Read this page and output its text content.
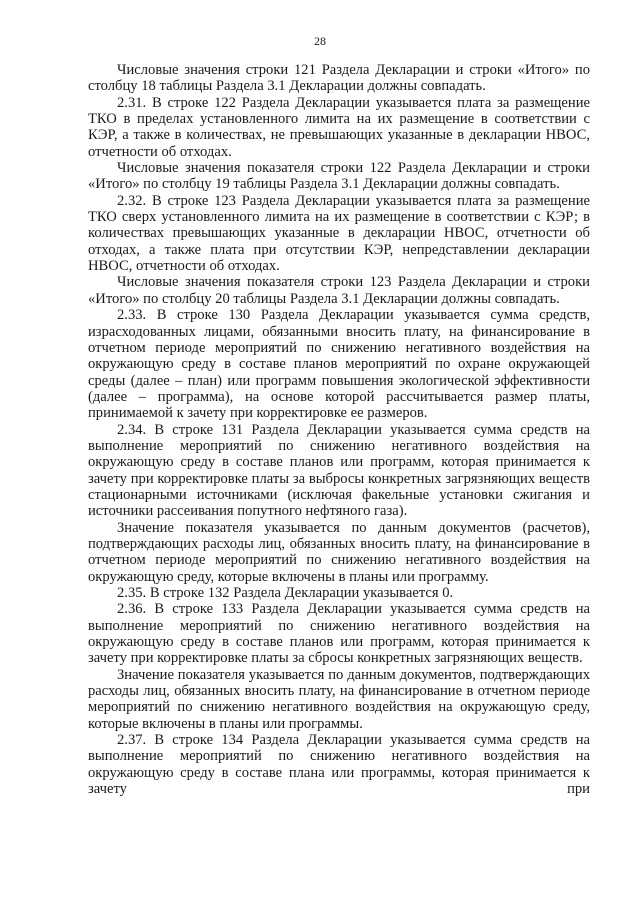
28

Числовые значения строки 121 Раздела Декларации и строки «Итого» по столбцу 18 таблицы Раздела 3.1 Декларации должны совпадать.

2.31. В строке 122 Раздела Декларации указывается плата за размещение ТКО в пределах установленного лимита на их размещение в соответствии с КЭР, а также в количествах, не превышающих указанные в декларации НВОС, отчетности об отходах.

Числовые значения показателя строки 122 Раздела Декларации и строки «Итого» по столбцу 19 таблицы Раздела 3.1 Декларации должны совпадать.

2.32. В строке 123 Раздела Декларации указывается плата за размещение ТКО сверх установленного лимита на их размещение в соответствии с КЭР; в количествах превышающих указанные в декларации НВОС, отчетности об отходах, а также плата при отсутствии КЭР, непредставлении декларации НВОС, отчетности об отходах.

Числовые значения показателя строки 123 Раздела Декларации и строки «Итого» по столбцу 20 таблицы Раздела 3.1 Декларации должны совпадать.

2.33. В строке 130 Раздела Декларации указывается сумма средств, израсходованных лицами, обязанными вносить плату, на финансирование в отчетном периоде мероприятий по снижению негативного воздействия на окружающую среду в составе планов мероприятий по охране окружающей среды (далее – план) или программ повышения экологической эффективности (далее – программа), на основе которой рассчитывается размер платы, принимаемой к зачету при корректировке ее размеров.

2.34. В строке 131 Раздела Декларации указывается сумма средств на выполнение мероприятий по снижению негативного воздействия на окружающую среду в составе планов или программ, которая принимается к зачету при корректировке платы за выбросы конкретных загрязняющих веществ стационарными источниками (исключая факельные установки сжигания и источники рассеивания попутного нефтяного газа).

Значение показателя указывается по данным документов (расчетов), подтверждающих расходы лиц, обязанных вносить плату, на финансирование в отчетном периоде мероприятий по снижению негативного воздействия на окружающую среду, которые включены в планы или программу.

2.35. В строке 132 Раздела Декларации указывается 0.

2.36. В строке 133 Раздела Декларации указывается сумма средств на выполнение мероприятий по снижению негативного воздействия на окружающую среду в составе планов или программ, которая принимается к зачету при корректировке платы за сбросы конкретных загрязняющих веществ.

Значение показателя указывается по данным документов, подтверждающих расходы лиц, обязанных вносить плату, на финансирование в отчетном периоде мероприятий по снижению негативного воздействия на окружающую среду, которые включены в планы или программы.

2.37. В строке 134 Раздела Декларации указывается сумма средств на выполнение мероприятий по снижению негативного воздействия на окружающую среду в составе плана или программы, которая принимается к зачету при
